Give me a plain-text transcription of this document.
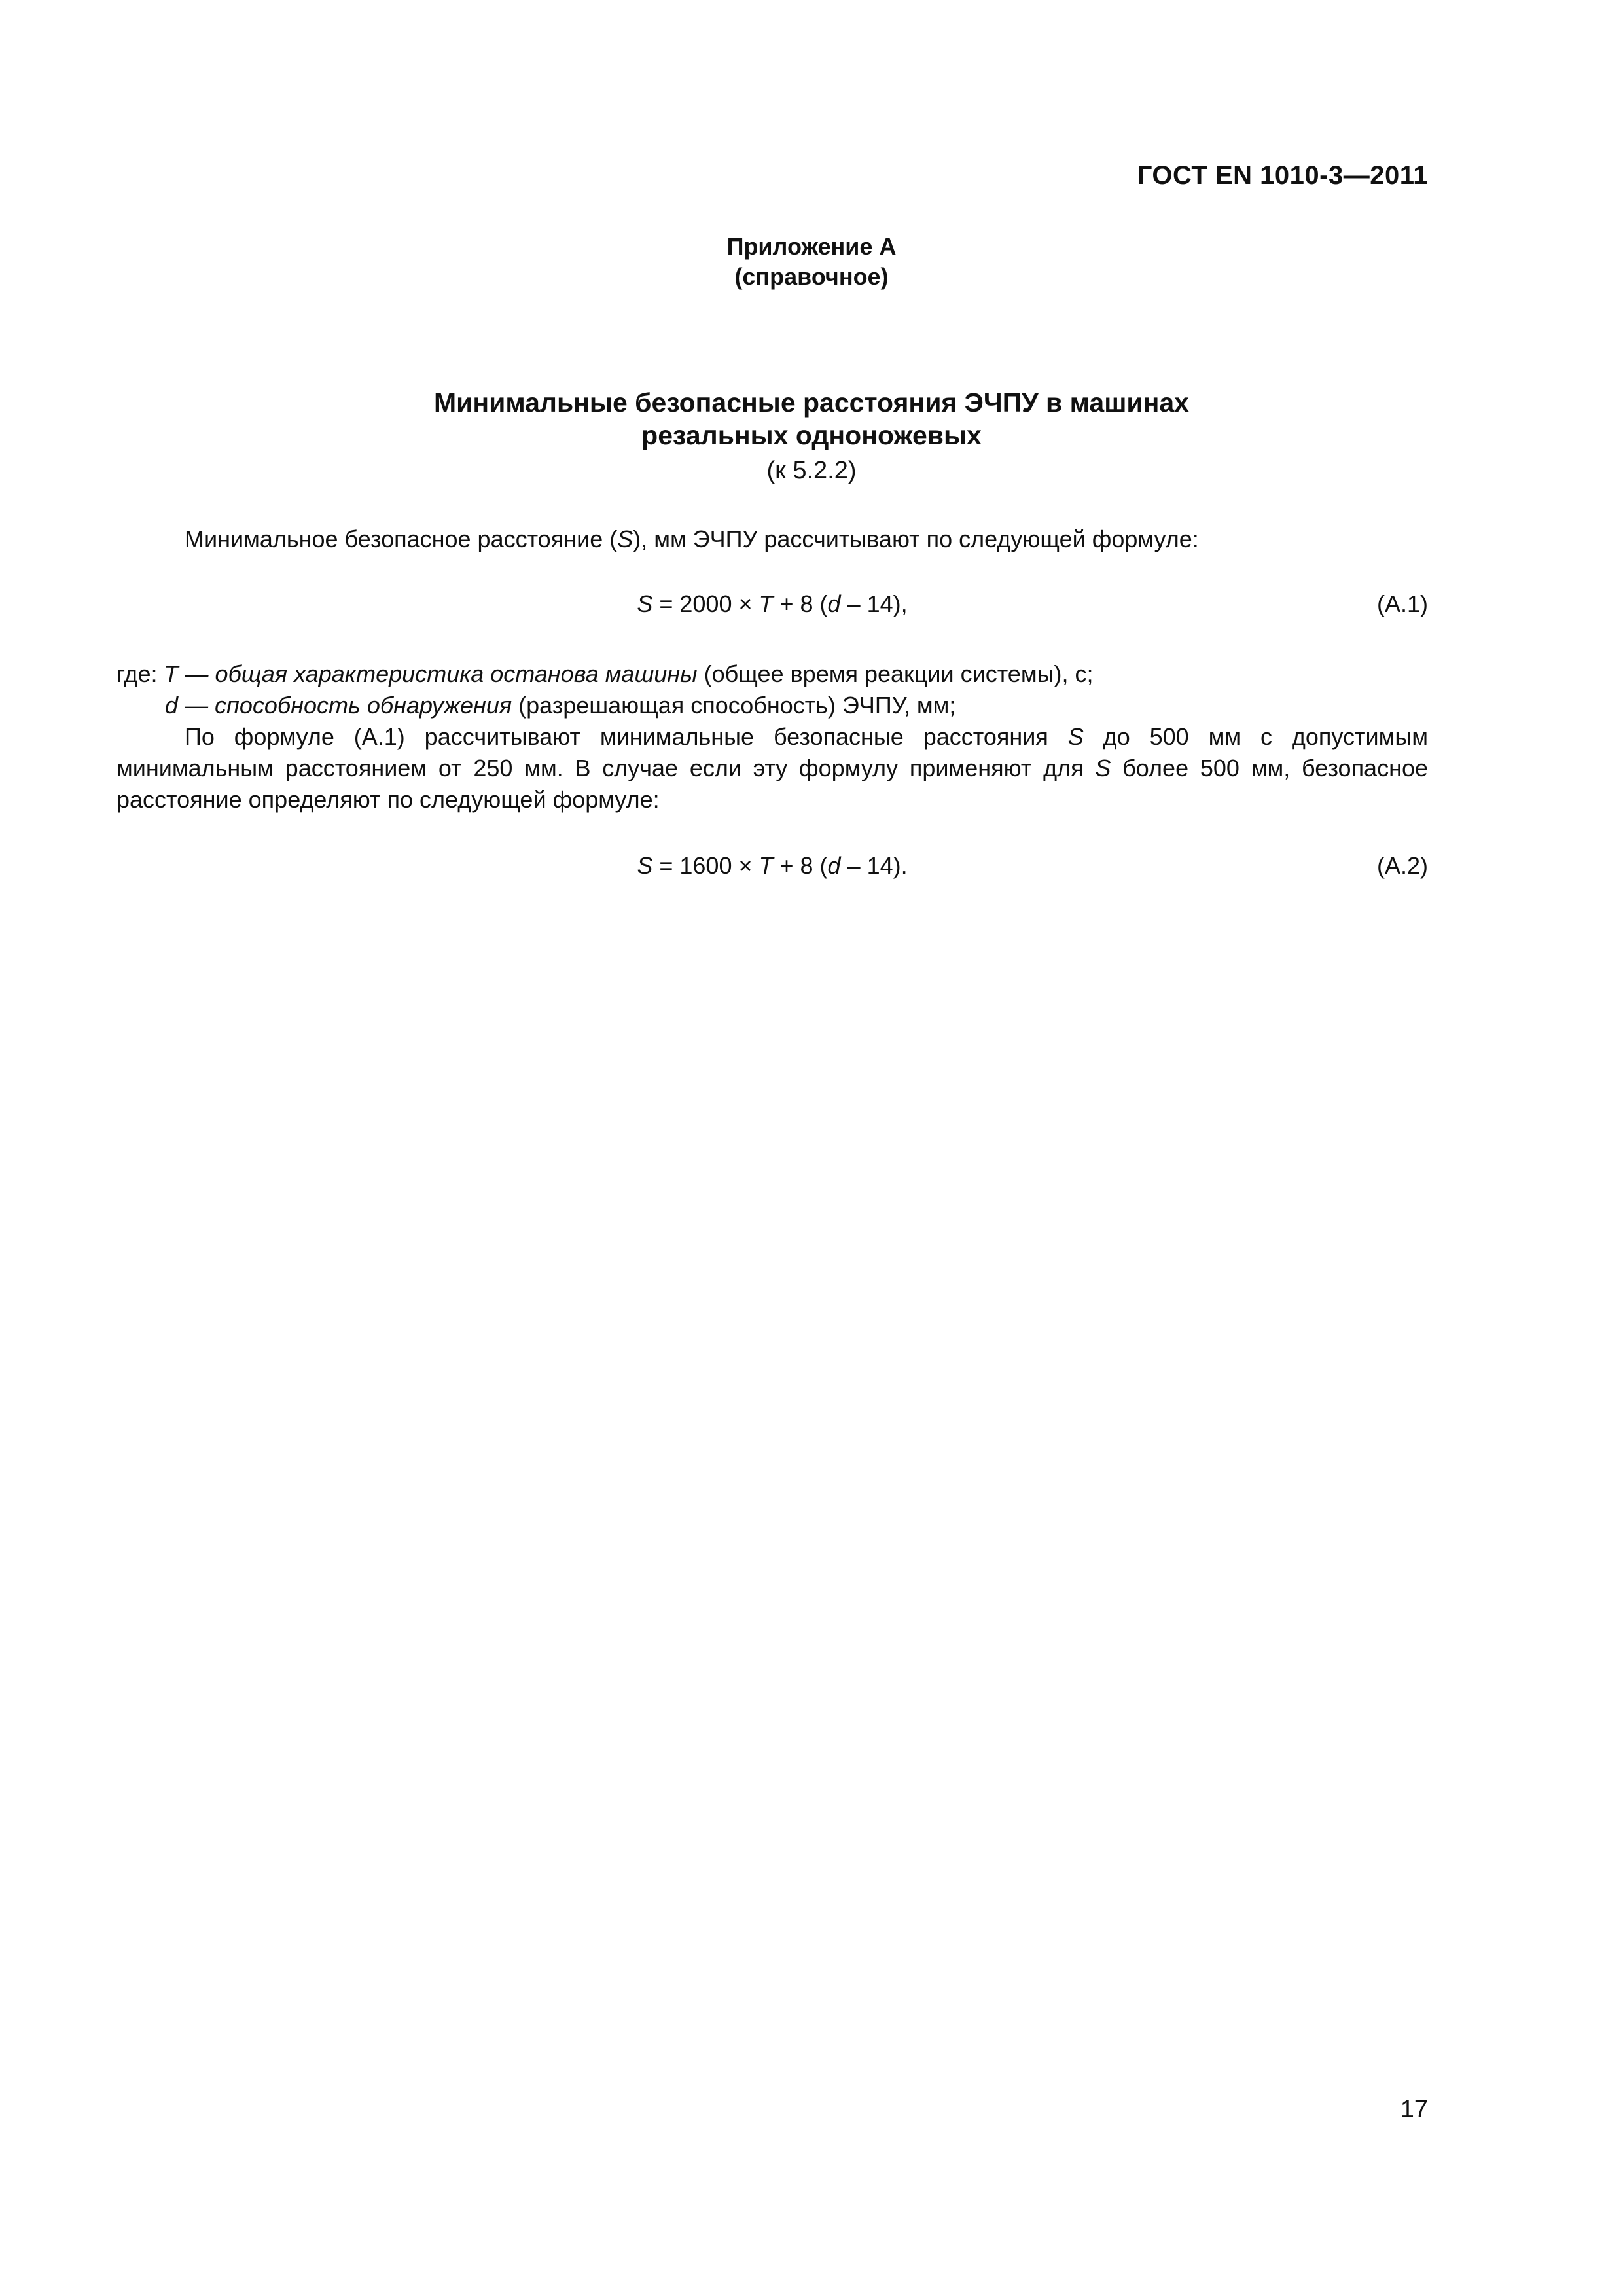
ГОСТ EN 1010-3—2011
Приложение А
(справочное)
Минимальные безопасные расстояния ЭЧПУ в машинах
резальных одноножевых
(к 5.2.2)
Минимальное безопасное расстояние (S), мм ЭЧПУ рассчитывают по следующей формуле:
S = 2000 × T + 8 (d – 14),	(A.1)
где: T — общая характеристика останова машины (общее время реакции системы), с;
d — способность обнаружения (разрешающая способность) ЭЧПУ, мм;
По формуле (А.1) рассчитывают минимальные безопасные расстояния S до 500 мм с допустимым минимальным расстоянием от 250 мм. В случае если эту формулу применяют для S более 500 мм, безопасное расстояние определяют по следующей формуле:
S = 1600 × T + 8 (d – 14).	(A.2)
17
